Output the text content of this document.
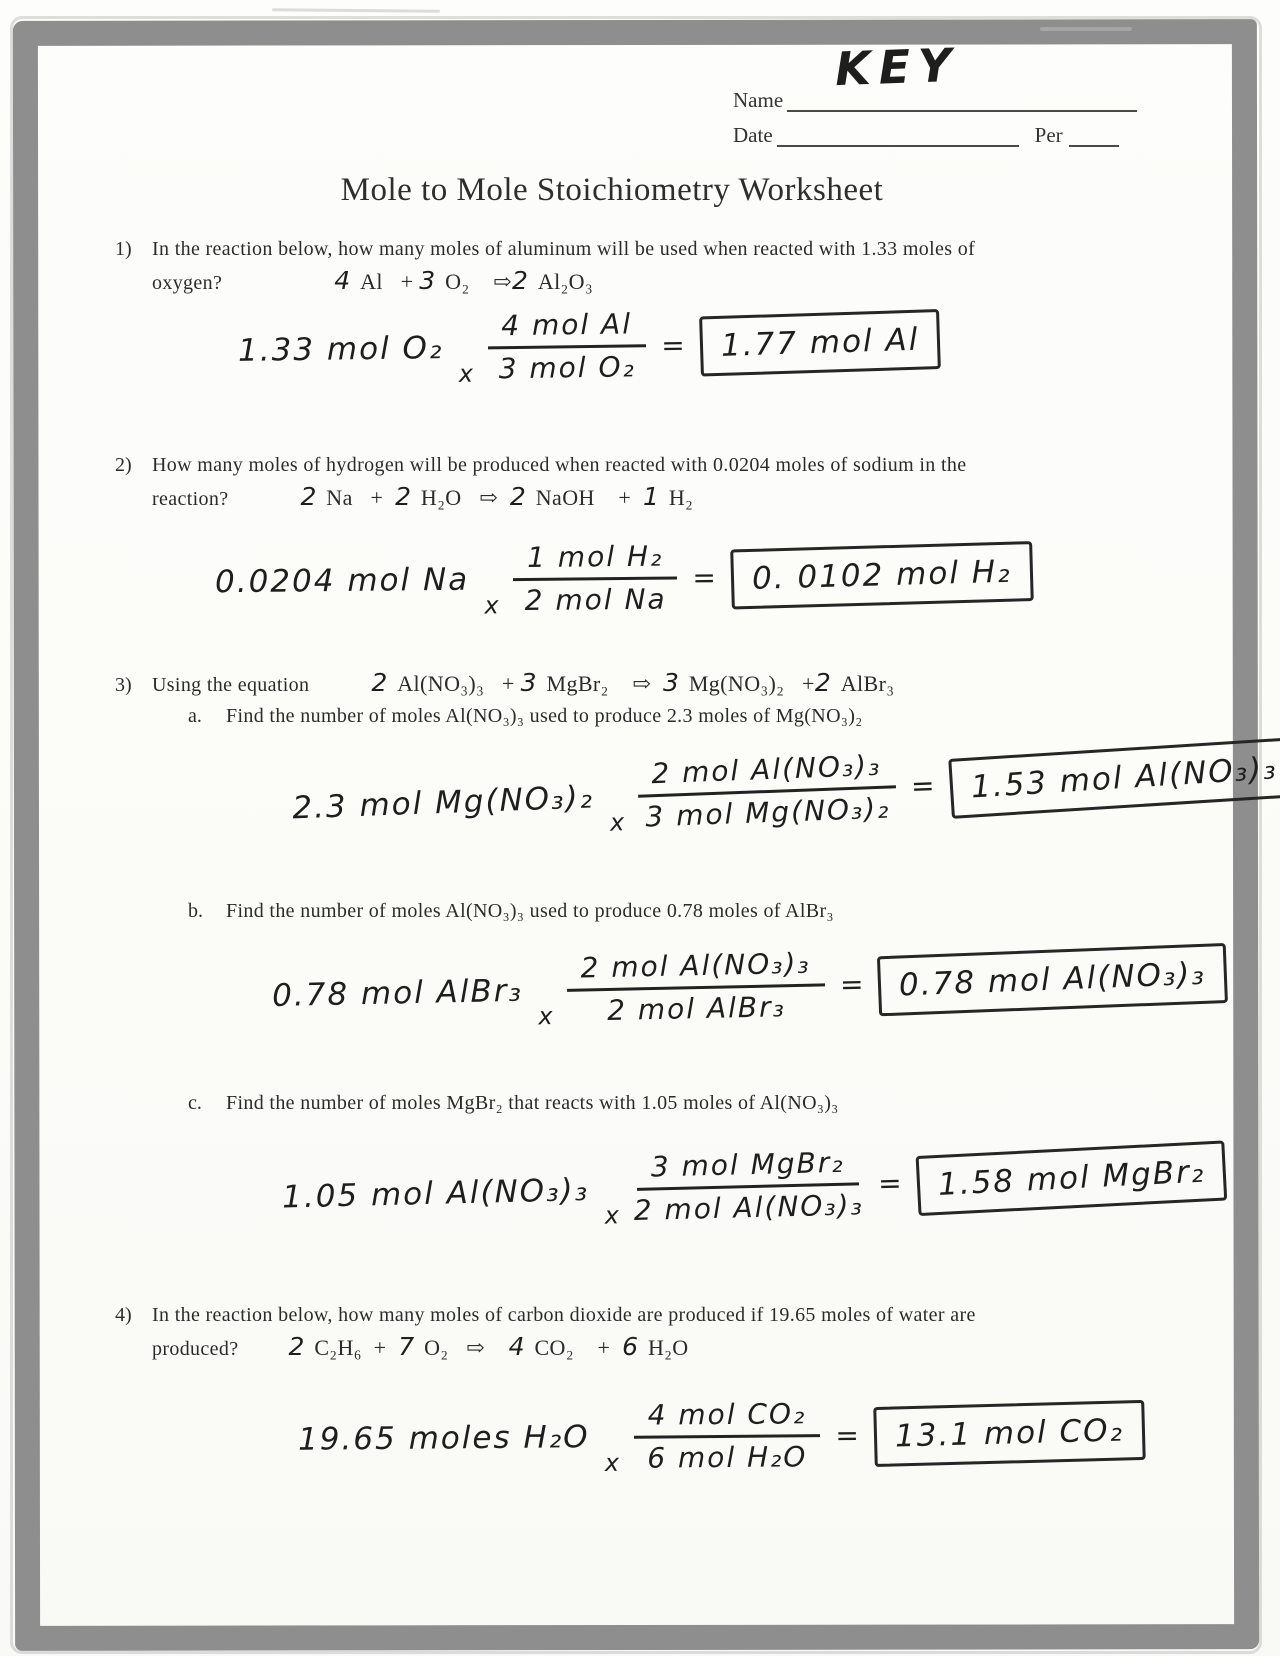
Name
KEY
Date	Per
Mole to Mole Stoichiometry Worksheet
1)	In the reaction below, how many moles of aluminum will be used when reacted with 1.33 moles of
oxygen?	4 Al   + 3 O₂    ⇨2 Al₂O₃
1.33 mol O₂
x $\frac{\text{4 mol Al}}{\text{3 mol O₂}}$ =	1.77 mol Al
2)	How many moles of hydrogen will be produced when reacted with 0.0204 moles of sodium in the
reaction?	2 Na   +  2 H₂O   ⇨  2 NaOH    +  1 H₂
0.0204 mol Na
x $\frac{\text{1 mol H₂}}{\text{2 mol Na}}$ =	0. 0102 mol H₂
3)	Using the equation 2 Al(NO₃)₃   + 3 MgBr₂    ⇨  3 Mg(NO₃)₂   +2 AlBr₃
a.	Find the number of moles Al(NO₃)₃ used to produce 2.3 moles of Mg(NO₃)₂
2.3 mol Mg(NO₃)₂ x $\frac{\text{2 mol Al(NO₃)₃}}{\text{3 mol Mg(NO₃)₂}}$ =	1.53 mol Al(NO₃)₃
b.	Find the number of moles Al(NO₃)₃ used to produce 0.78 moles of AlBr₃
0.78 mol AlBr₃
x $\frac{\text{2 mol Al(NO₃)₃}}{\text{2 mol AlBr₃}}$ =	0.78 mol Al(NO₃)₃
c.	Find the number of moles MgBr₂ that reacts with 1.05 moles of Al(NO₃)₃
1.05 mol Al(NO₃)₃ x $\frac{\text{3 mol MgBr₂}}{\text{2 mol Al(NO₃)₃}}$ =	1.58 mol MgBr₂
4)	In the reaction below, how many moles of carbon dioxide are produced if 19.65 moles of water are
produced? 2 C₂H₆  +  7 O₂   ⇨    4 CO₂    +  6 H₂O
19.65 moles H₂O
x $\frac{\text{4 mol CO₂}}{\text{6 mol H₂O}}$ =	13.1 mol CO₂
